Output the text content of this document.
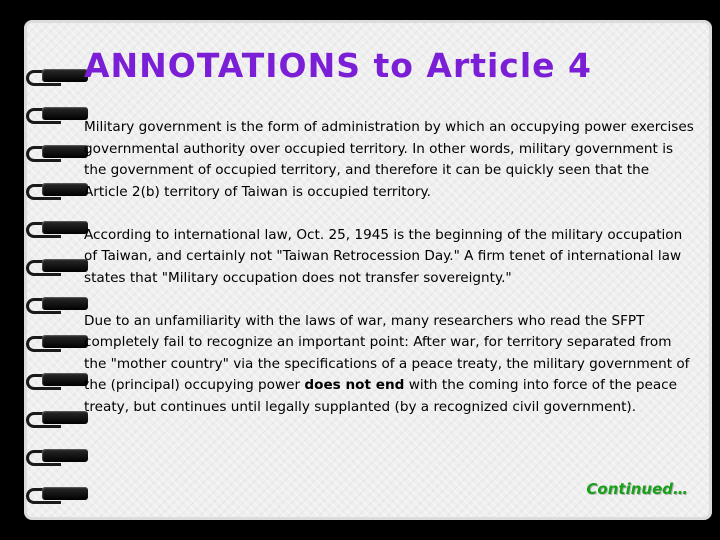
ANNOTATIONS to Article 4

Military government is the form of administration by which an occupying power exercises governmental authority over occupied territory. In other words, military government is the government of occupied territory, and therefore it can be quickly seen that the Article 2(b) territory of Taiwan is occupied territory.

According to international law, Oct. 25, 1945 is the beginning of the military occupation of Taiwan, and certainly not "Taiwan Retrocession Day." A firm tenet of international law states that "Military occupation does not transfer sovereignty."

Due to an unfamiliarity with the laws of war, many researchers who read the SFPT completely fail to recognize an important point: After war, for territory separated from the "mother country" via the specifications of a peace treaty, the military government of the (principal) occupying power does not end with the coming into force of the peace treaty, but continues until legally supplanted (by a recognized civil government).

Continued…
